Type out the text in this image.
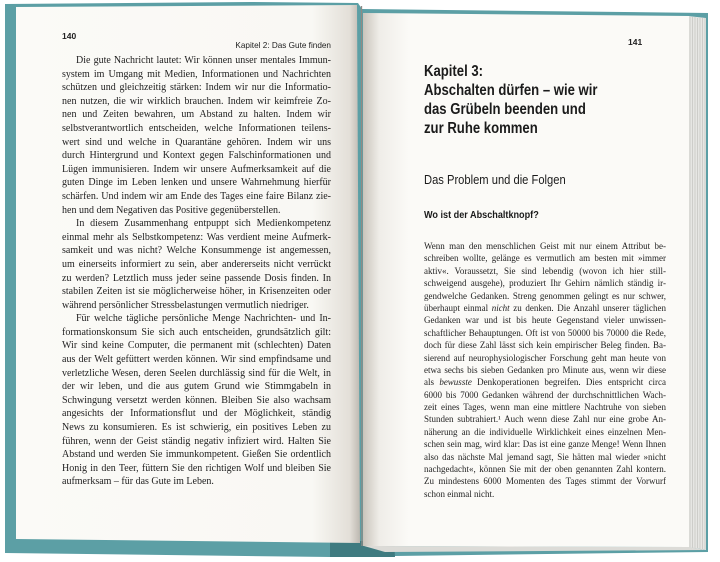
140
Kapitel 2: Das Gute finden
Die gute Nachricht lautet: Wir können unser mentales Immun-
system im Umgang mit Medien, Informationen und Nachrichten
schützen und gleichzeitig stärken: Indem wir nur die Informatio-
nen nutzen, die wir wirklich brauchen. Indem wir keimfreie Zo-
nen und Zeiten bewahren, um Abstand zu halten. Indem wir
selbstverantwortlich entscheiden, welche Informationen teilens-
wert sind und welche in Quarantäne gehören. Indem wir uns
durch Hintergrund und Kontext gegen Falschinformationen und
Lügen immunisieren. Indem wir unsere Aufmerksamkeit auf die
guten Dinge im Leben lenken und unsere Wahrnehmung hierfür
schärfen. Und indem wir am Ende des Tages eine faire Bilanz zie-
hen und dem Negativen das Positive gegenüberstellen.
In diesem Zusammenhang entpuppt sich Medienkompetenz
einmal mehr als Selbstkompetenz: Was verdient meine Aufmerk-
samkeit und was nicht? Welche Konsummenge ist angemessen,
um einerseits informiert zu sein, aber andererseits nicht verrückt
zu werden? Letztlich muss jeder seine passende Dosis finden. In
stabilen Zeiten ist sie möglicherweise höher, in Krisenzeiten oder
während persönlicher Stressbelastungen vermutlich niedriger.
Für welche tägliche persönliche Menge Nachrichten- und In-
formationskonsum Sie sich auch entscheiden, grundsätzlich gilt:
Wir sind keine Computer, die permanent mit (schlechten) Daten
aus der Welt gefüttert werden können. Wir sind empfindsame und
verletzliche Wesen, deren Seelen durchlässig sind für die Welt, in
der wir leben, und die aus gutem Grund wie Stimmgabeln in
Schwingung versetzt werden können. Bleiben Sie also wachsam
angesichts der Informationsflut und der Möglichkeit, ständig
News zu konsumieren. Es ist schwierig, ein positives Leben zu
führen, wenn der Geist ständig negativ infiziert wird. Halten Sie
Abstand und werden Sie immunkompetent. Gießen Sie ordentlich
Honig in den Teer, füttern Sie den richtigen Wolf und bleiben Sie
aufmerksam – für das Gute im Leben.
141
Kapitel 3:
Abschalten dürfen – wie wir
das Grübeln beenden und
zur Ruhe kommen
Das Problem und die Folgen
Wo ist der Abschaltknopf?
Wenn man den menschlichen Geist mit nur einem Attribut be-
schreiben wollte, gelänge es vermutlich am besten mit »immer
aktiv«. Voraussetzt, Sie sind lebendig (wovon ich hier still-
schweigend ausgehe), produziert Ihr Gehirn nämlich ständig ir-
gendwelche Gedanken. Streng genommen gelingt es nur schwer,
überhaupt einmal nicht zu denken. Die Anzahl unserer täglichen
Gedanken war und ist bis heute Gegenstand vieler unwissen-
schaftlicher Behauptungen. Oft ist von 50000 bis 70000 die Rede,
doch für diese Zahl lässt sich kein empirischer Beleg finden. Ba-
sierend auf neurophysiologischer Forschung geht man heute von
etwa sechs bis sieben Gedanken pro Minute aus, wenn wir diese
als bewusste Denkoperationen begreifen. Dies entspricht circa
6000 bis 7000 Gedanken während der durchschnittlichen Wach-
zeit eines Tages, wenn man eine mittlere Nachtruhe von sieben
Stunden subtrahiert.¹ Auch wenn diese Zahl nur eine grobe An-
näherung an die individuelle Wirklichkeit eines einzelnen Men-
schen sein mag, wird klar: Das ist eine ganze Menge! Wenn Ihnen
also das nächste Mal jemand sagt, Sie hätten mal wieder »nicht
nachgedacht«, können Sie mit der oben genannten Zahl kontern.
Zu mindestens 6000 Momenten des Tages stimmt der Vorwurf
schon einmal nicht.
